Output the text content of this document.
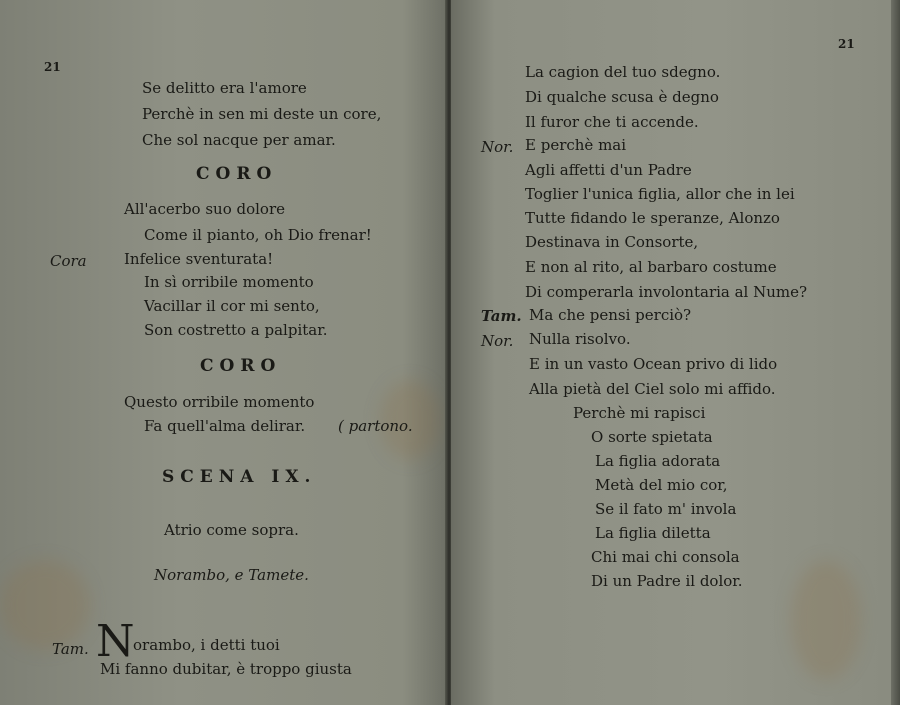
21
Se delitto era l'amore
Perchè in sen mi deste un core,
Che sol nacque per amar.
CORO
All'acerbo suo dolore
Come il pianto, oh Dio frenar!
Cora Infelice sventurata!
In sì orribile momento
Vacillar il cor mi sento,
Son costretto a palpitar.
CORO
Questo orribile momento
Fa quell'alma delirar. ( partono.
SCENA IX.
Atrio come sopra.
Norambo, e Tamete.
Tam. N
orambo, i detti tuoi
Mi fanno dubitar, è troppo giusta
21
La cagion del tuo sdegno.
Di qualche scusa è degno
Il furor che ti accende.
Nor. E perchè mai
Agli affetti d'un Padre
Toglier l'unica figlia, allor che in lei
Tutte fidando le speranze, Alonzo
Destinava in Consorte,
E non al rito, al barbaro costume
Di comperarla involontaria al Nume?
Tam. Ma che pensi perciò?
Nor. Nulla risolvo.
E in un vasto Ocean privo di lido
Alla pietà del Ciel solo mi affido.
Perchè mi rapisci
O sorte spietata
La figlia adorata
Metà del mio cor,
Se il fato m' invola
La figlia diletta
Chi mai chi consola
Di un Padre il dolor.
